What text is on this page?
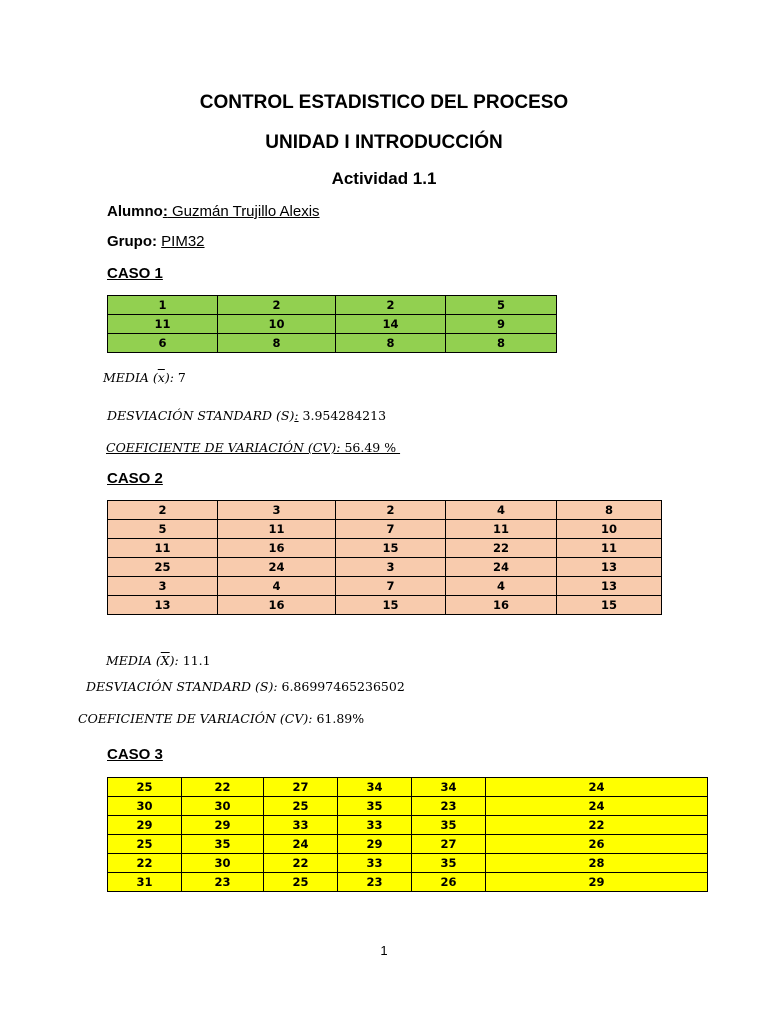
CONTROL ESTADISTICO DEL PROCESO
UNIDAD I INTRODUCCIÓN
Actividad 1.1
Alumno: Guzmán Trujillo Alexis
Grupo: PIM32
CASO 1
1	2	2	5
11	10	14	9
6	8	8	8
MEDIA $(\overline{x})$: 7
DESVIACIÓN STANDARD (S): 3.954284213
COEFICIENTE DE VARIACIÓN (CV): 56.49 %
CASO 2
2	3	2	4	8
5	11	7	11	10
11	16	15	22	11
25	24	3	24	13
3	4	7	4	13
13	16	15	16	15
MEDIA $(\overline{X})$: 11.1
DESVIACIÓN STANDARD (S): 6.86997465236502
COEFICIENTE DE VARIACIÓN (CV): 61.89%
CASO 3
25	22	27	34	34	24
30	30	25	35	23	24
29	29	33	33	35	22
25	35	24	29	27	26
22	30	22	33	35	28
31	23	25	23	26	29
1
